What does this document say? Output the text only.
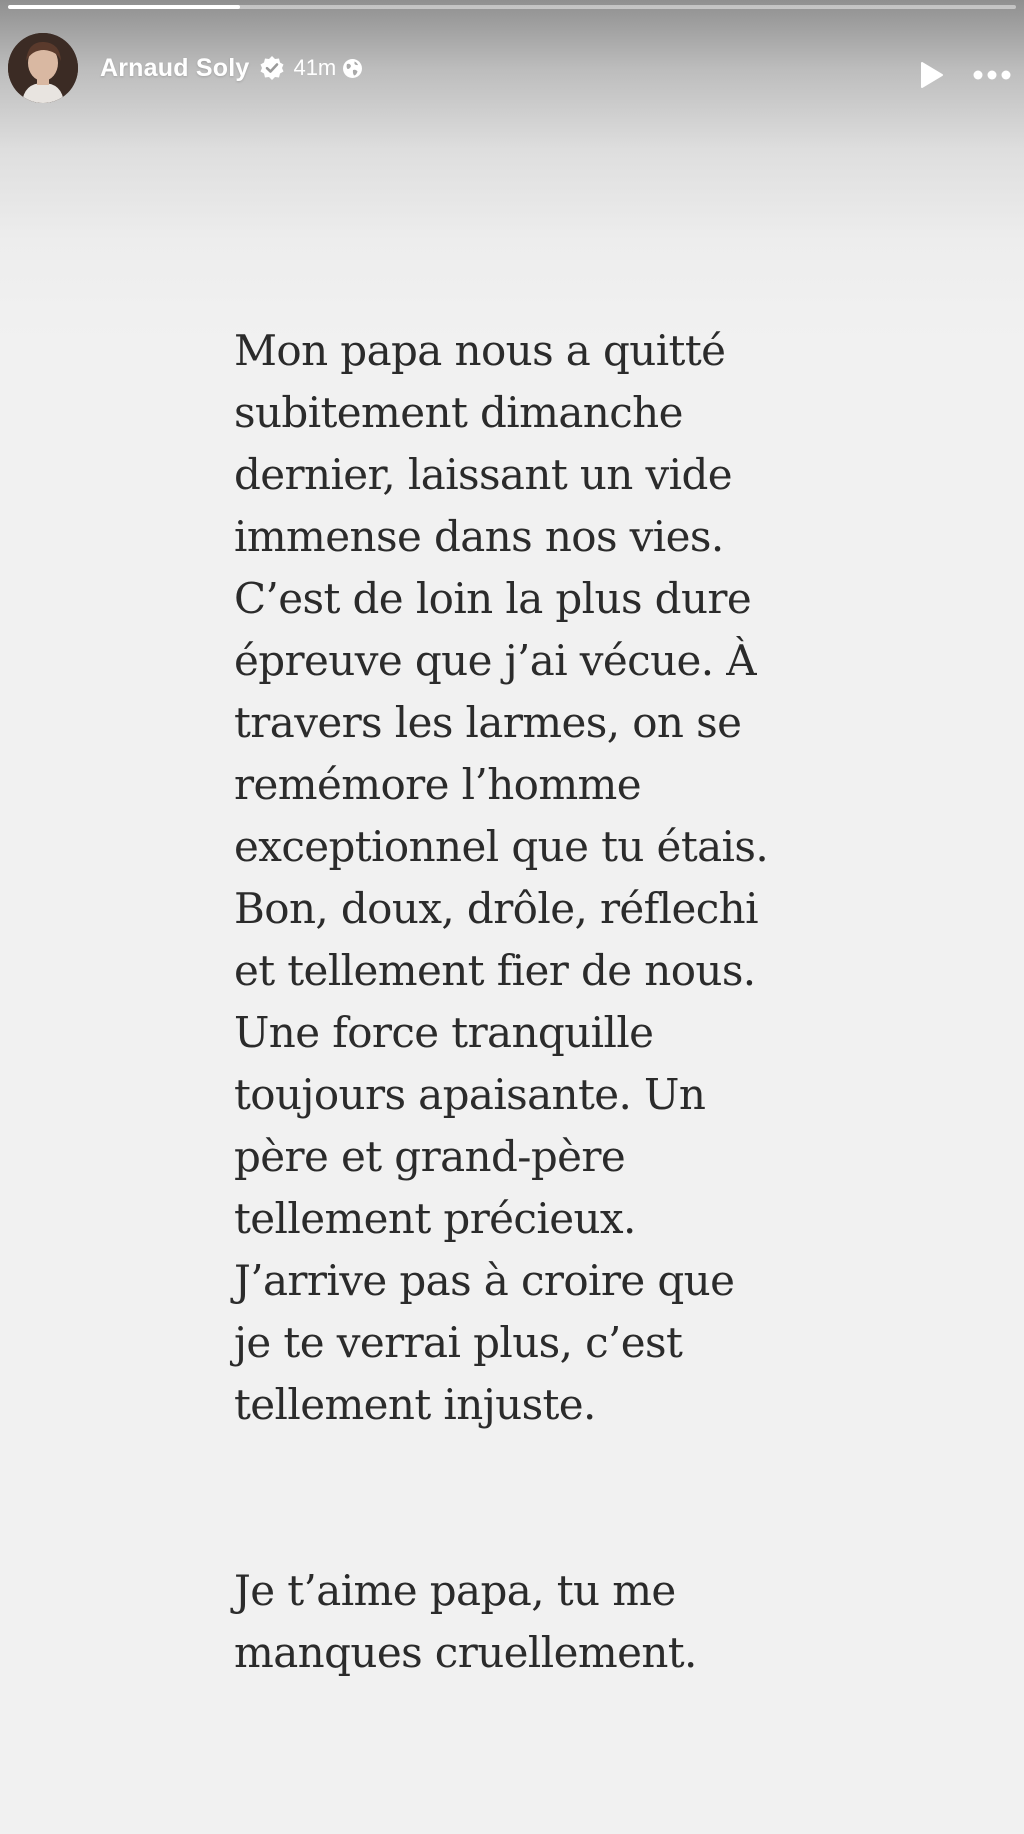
Arnaud Soly 41m

Mon papa nous a quitté
subitement dimanche
dernier, laissant un vide
immense dans nos vies.
C’est de loin la plus dure
épreuve que j’ai vécue. À
travers les larmes, on se
remémore l’homme
exceptionnel que tu étais.
Bon, doux, drôle, réflechi
et tellement fier de nous.
Une force tranquille
toujours apaisante. Un
père et grand-père
tellement précieux.
J’arrive pas à croire que
je te verrai plus, c’est
tellement injuste.

Je t’aime papa, tu me
manques cruellement.
